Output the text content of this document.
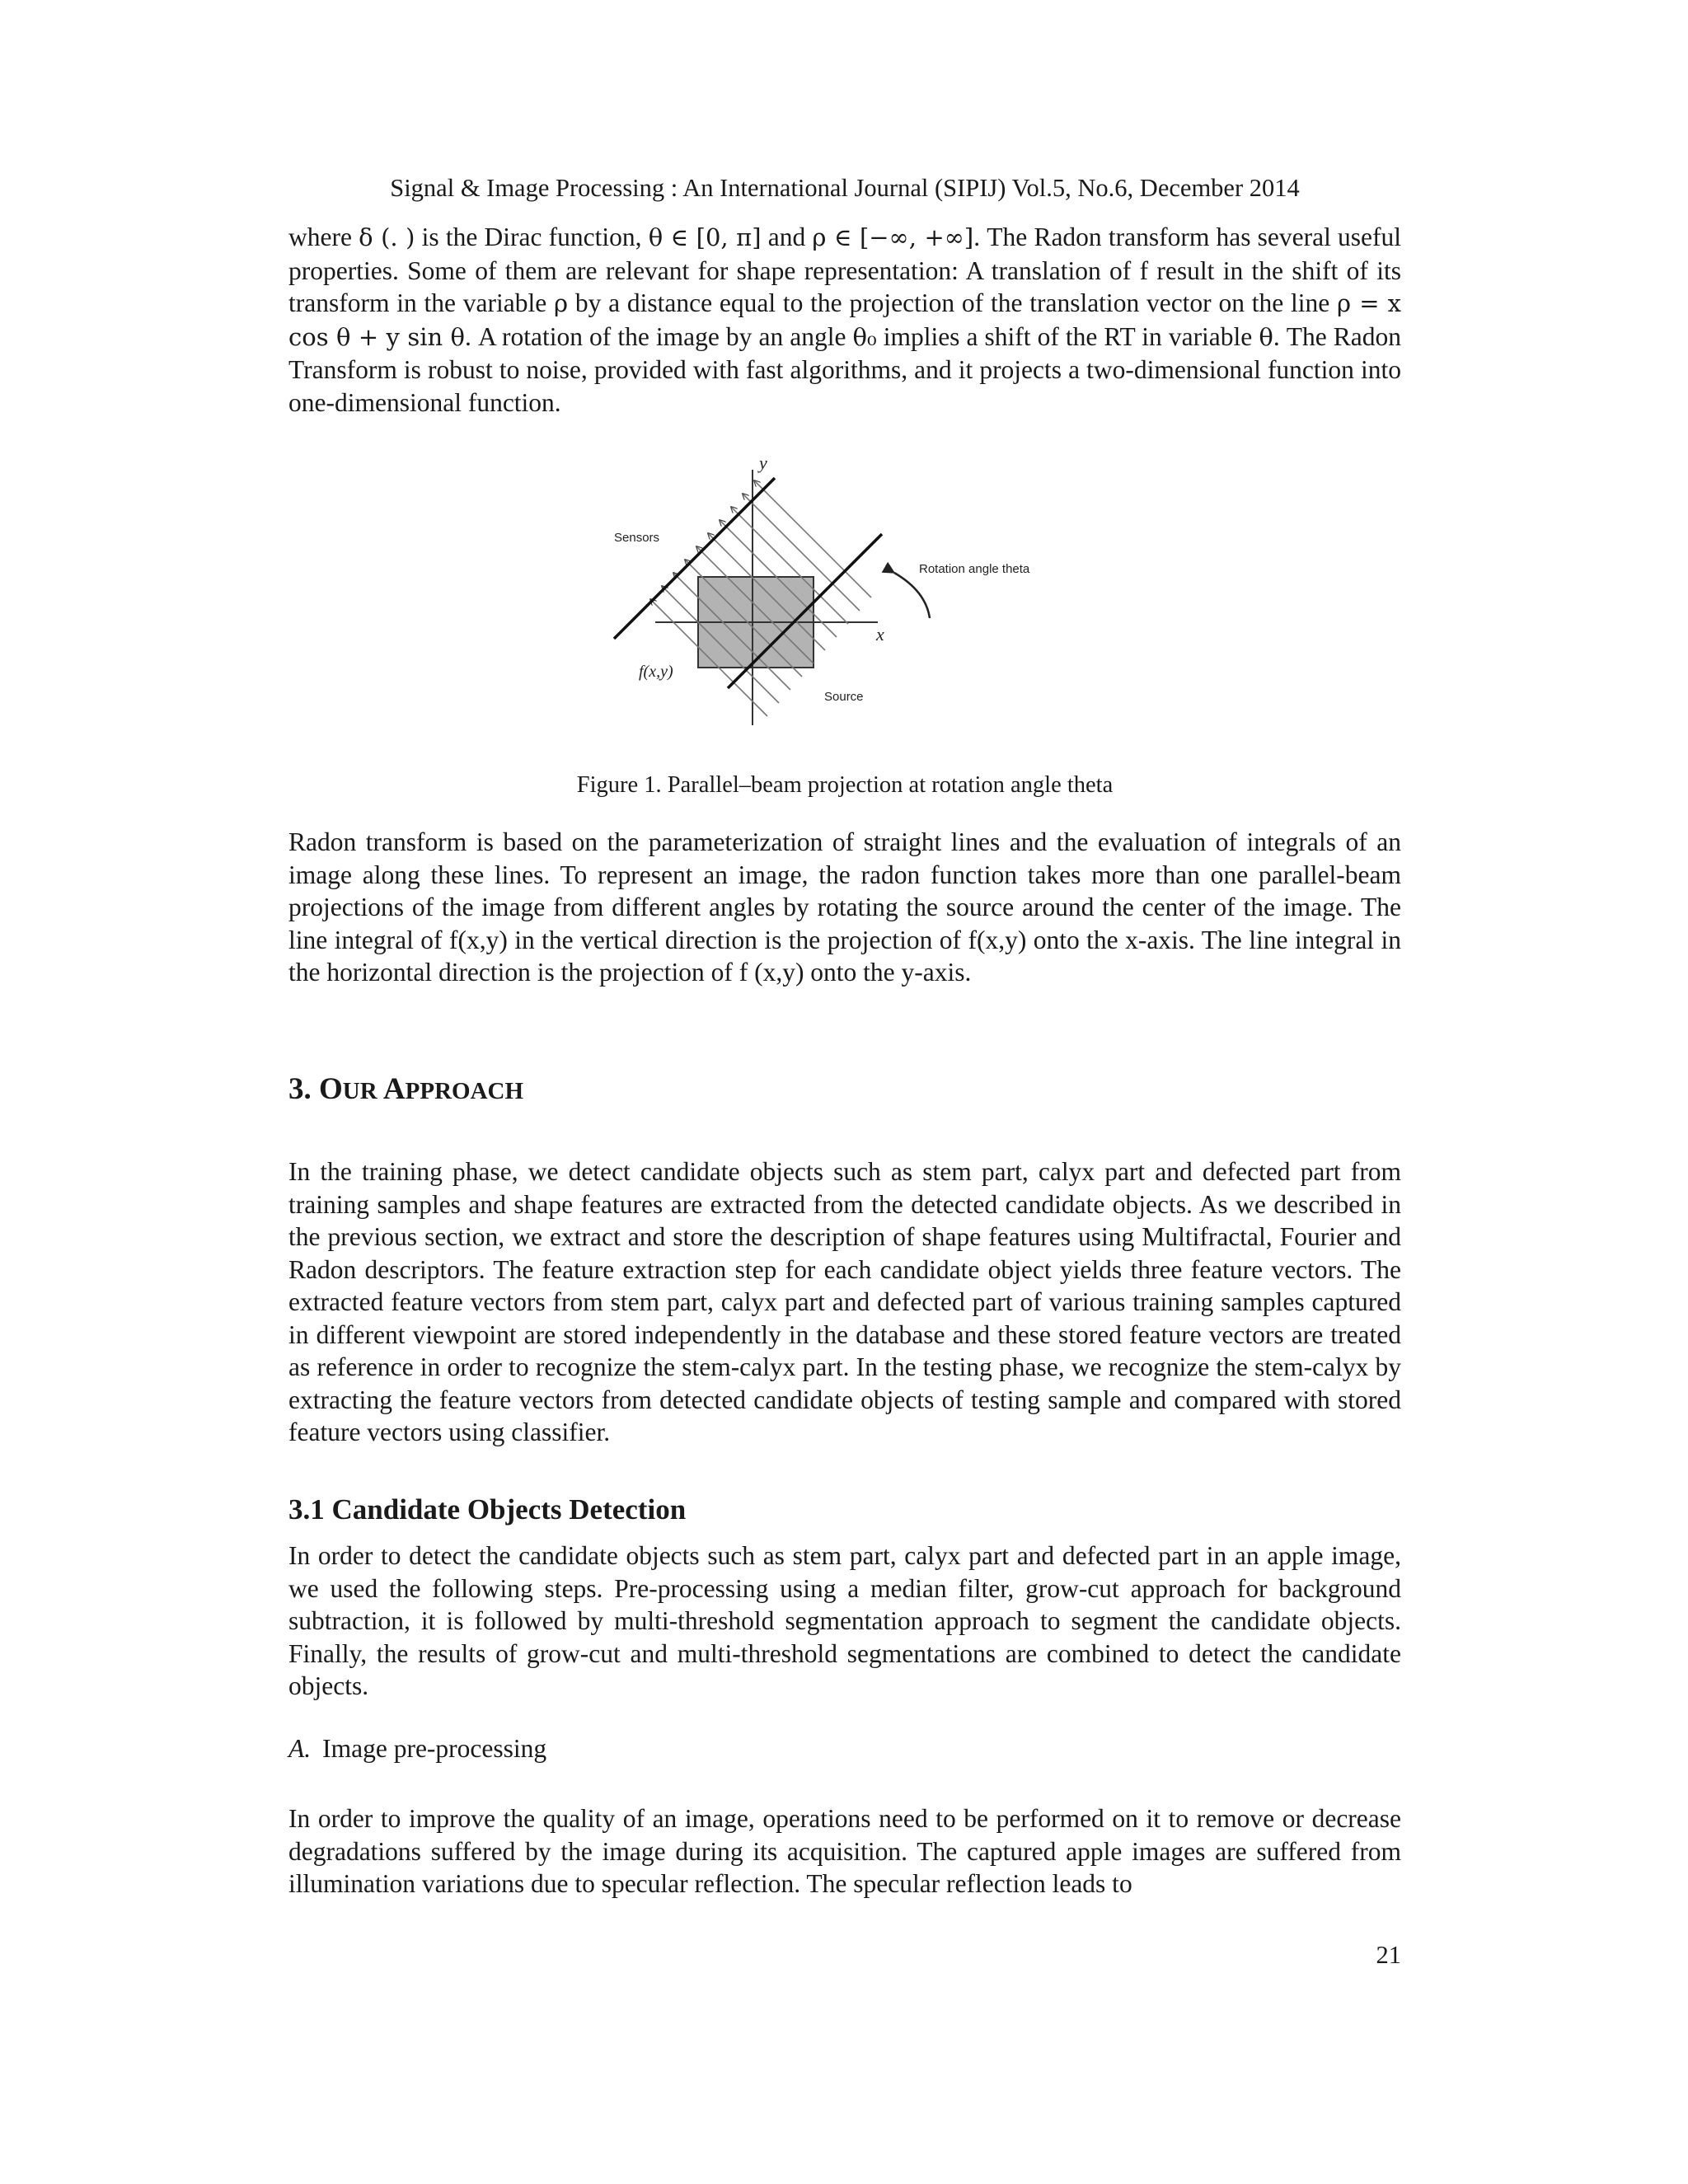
Signal & Image Processing : An International Journal (SIPIJ) Vol.5, No.6, December 2014

where δ (. ) is the Dirac function, θ ∈ [0, π] and ρ ∈ [−∞, +∞]. The Radon transform has several useful properties. Some of them are relevant for shape representation: A translation of f result in the shift of its transform in the variable ρ by a distance equal to the projection of the translation vector on the line ρ = x cos θ + y sin θ. A rotation of the image by an angle θ₀ implies a shift of the RT in variable θ. The Radon Transform is robust to noise, provided with fast algorithms, and it projects a two-dimensional function into one-dimensional function.

y
x
Sensors
Rotation angle theta
f(x,y)
Source
Figure 1. Parallel–beam projection at rotation angle theta

Radon transform is based on the parameterization of straight lines and the evaluation of integrals of an image along these lines. To represent an image, the radon function takes more than one parallel-beam projections of the image from different angles by rotating the source around the center of the image. The line integral of f(x,y) in the vertical direction is the projection of f(x,y) onto the x-axis. The line integral in the horizontal direction is the projection of f (x,y) onto the y-axis.

3. OUR APPROACH

In the training phase, we detect candidate objects such as stem part, calyx part and defected part from training samples and shape features are extracted from the detected candidate objects. As we described in the previous section, we extract and store the description of shape features using Multifractal, Fourier and Radon descriptors. The feature extraction step for each candidate object yields three feature vectors. The extracted feature vectors from stem part, calyx part and defected part of various training samples captured in different viewpoint are stored independently in the database and these stored feature vectors are treated as reference in order to recognize the stem-calyx part. In the testing phase, we recognize the stem-calyx by extracting the feature vectors from detected candidate objects of testing sample and compared with stored feature vectors using classifier.

3.1 Candidate Objects Detection

In order to detect the candidate objects such as stem part, calyx part and defected part in an apple image, we used the following steps. Pre-processing using a median filter, grow-cut approach for background subtraction, it is followed by multi-threshold segmentation approach to segment the candidate objects. Finally, the results of grow-cut and multi-threshold segmentations are combined to detect the candidate objects.

A. Image pre-processing

In order to improve the quality of an image, operations need to be performed on it to remove or decrease degradations suffered by the image during its acquisition. The captured apple images are suffered from illumination variations due to specular reflection. The specular reflection leads to

21
